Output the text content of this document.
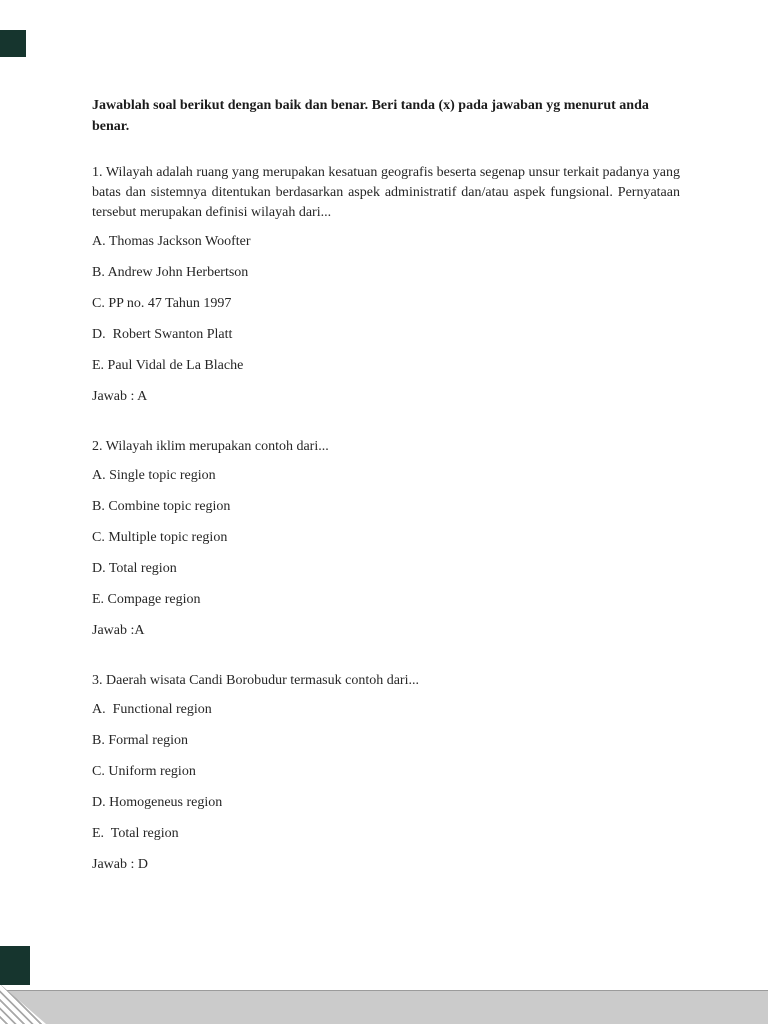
Jawablah soal berikut dengan baik dan benar. Beri tanda (x) pada jawaban yg menurut anda benar.

1. Wilayah adalah ruang yang merupakan kesatuan geografis beserta segenap unsur terkait padanya yang batas dan sistemnya ditentukan berdasarkan aspek administratif dan/atau aspek fungsional. Pernyataan tersebut merupakan definisi wilayah dari...

A. Thomas Jackson Woofter

B. Andrew John Herbertson

C. PP no. 47 Tahun 1997

D.  Robert Swanton Platt

E. Paul Vidal de La Blache

Jawab : A

2. Wilayah iklim merupakan contoh dari...

A. Single topic region

B. Combine topic region

C. Multiple topic region

D. Total region

E. Compage region

Jawab :A

3. Daerah wisata Candi Borobudur termasuk contoh dari...

A.  Functional region

B. Formal region

C. Uniform region

D. Homogeneus region

E.  Total region

Jawab : D
